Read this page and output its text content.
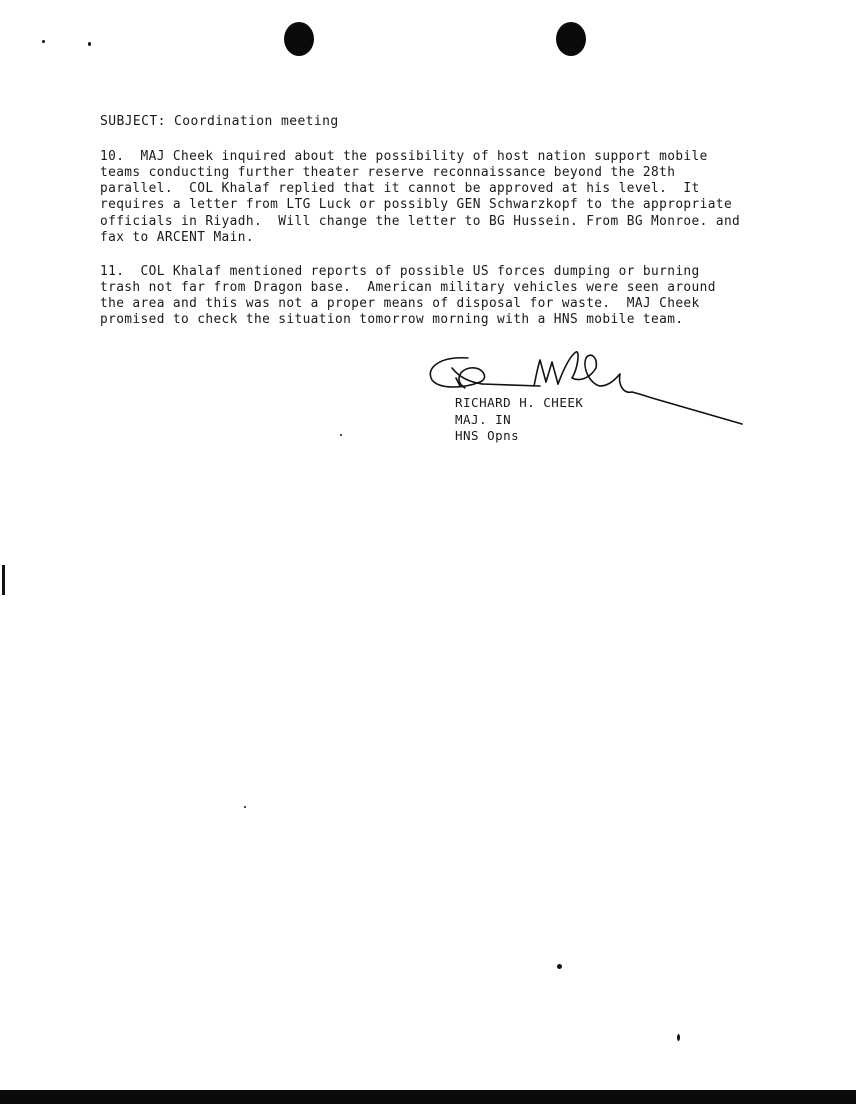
SUBJECT: Coordination meeting
10.  MAJ Cheek inquired about the possibility of host nation support mobile
teams conducting further theater reserve reconnaissance beyond the 28th
parallel.  COL Khalaf replied that it cannot be approved at his level.  It
requires a letter from LTG Luck or possibly GEN Schwarzkopf to the appropriate
officials in Riyadh.  Will change the letter to BG Hussein. From BG Monroe. and
fax to ARCENT Main.
11.  COL Khalaf mentioned reports of possible US forces dumping or burning
trash not far from Dragon base.  American military vehicles were seen around
the area and this was not a proper means of disposal for waste.  MAJ Cheek
promised to check the situation tomorrow morning with a HNS mobile team.
RICHARD H. CHEEK
MAJ. IN
HNS Opns
